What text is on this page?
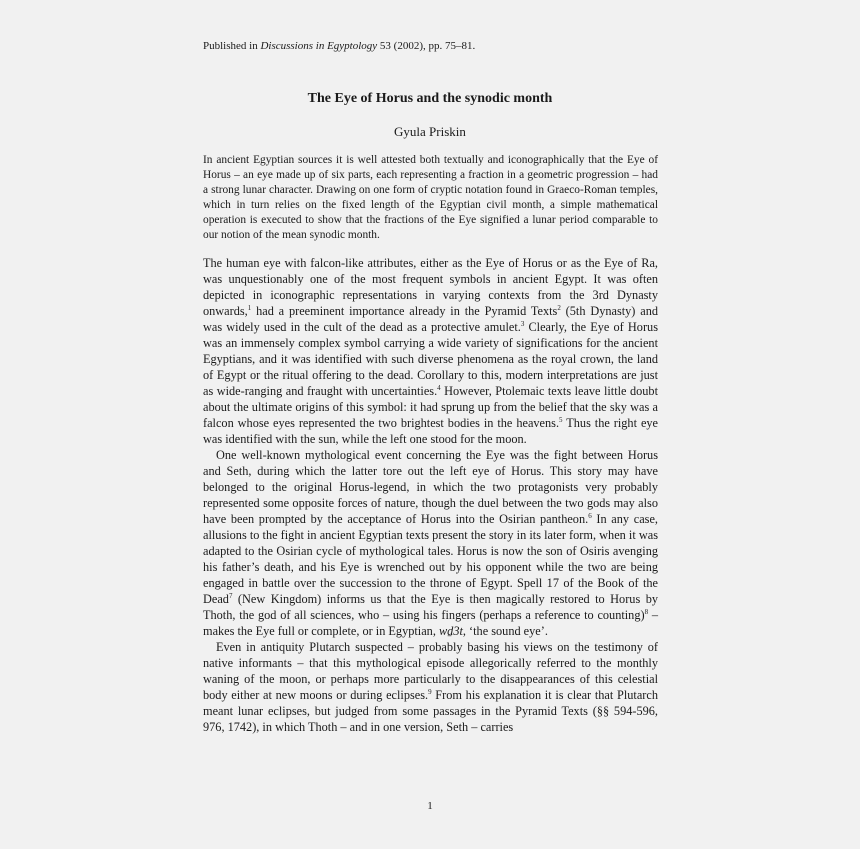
Published in Discussions in Egyptology 53 (2002), pp. 75–81.
The Eye of Horus and the synodic month
Gyula Priskin

In ancient Egyptian sources it is well attested both textually and iconographically that the Eye of Horus – an eye made up of six parts, each representing a fraction in a geometric progression – had a strong lunar character. Drawing on one form of cryptic notation found in Graeco-Roman temples, which in turn relies on the fixed length of the Egyptian civil month, a simple mathematical operation is executed to show that the fractions of the Eye signified a lunar period comparable to our notion of the mean synodic month.

The human eye with falcon-like attributes, either as the Eye of Horus or as the Eye of Ra, was unquestionably one of the most frequent symbols in ancient Egypt. It was often depicted in iconographic representations in varying contexts from the 3rd Dynasty onwards,$^1$ had a preeminent importance already in the Pyramid Texts$^2$ (5th Dynasty) and was widely used in the cult of the dead as a protective amulet.$^3$ Clearly, the Eye of Horus was an immensely complex symbol carrying a wide variety of significations for the ancient Egyptians, and it was identified with such diverse phenomena as the royal crown, the land of Egypt or the ritual offering to the dead. Corollary to this, modern interpretations are just as wide-ranging and fraught with uncertainties.$^4$ However, Ptolemaic texts leave little doubt about the ultimate origins of this symbol: it had sprung up from the belief that the sky was a falcon whose eyes represented the two brightest bodies in the heavens.$^5$ Thus the right eye was identified with the sun, while the left one stood for the moon.

One well-known mythological event concerning the Eye was the fight between Horus and Seth, during which the latter tore out the left eye of Horus. This story may have belonged to the original Horus-legend, in which the two protagonists very probably represented some opposite forces of nature, though the duel between the two gods may also have been prompted by the acceptance of Horus into the Osirian pantheon.$^6$ In any case, allusions to the fight in ancient Egyptian texts present the story in its later form, when it was adapted to the Osirian cycle of mythological tales. Horus is now the son of Osiris avenging his father’s death, and his Eye is wrenched out by his opponent while the two are being engaged in battle over the succession to the throne of Egypt. Spell 17 of the Book of the Dead$^7$ (New Kingdom) informs us that the Eye is then magically restored to Horus by Thoth, the god of all sciences, who – using his fingers (perhaps a reference to counting)$^8$ – makes the Eye full or complete, or in Egyptian, wḏ3t, ‘the sound eye’.

Even in antiquity Plutarch suspected – probably basing his views on the testimony of native informants – that this mythological episode allegorically referred to the monthly waning of the moon, or perhaps more particularly to the disappearances of this celestial body either at new moons or during eclipses.$^9$ From his explanation it is clear that Plutarch meant lunar eclipses, but judged from some passages in the Pyramid Texts (§§ 594-596, 976, 1742), in which Thoth – and in one version, Seth – carries

1
